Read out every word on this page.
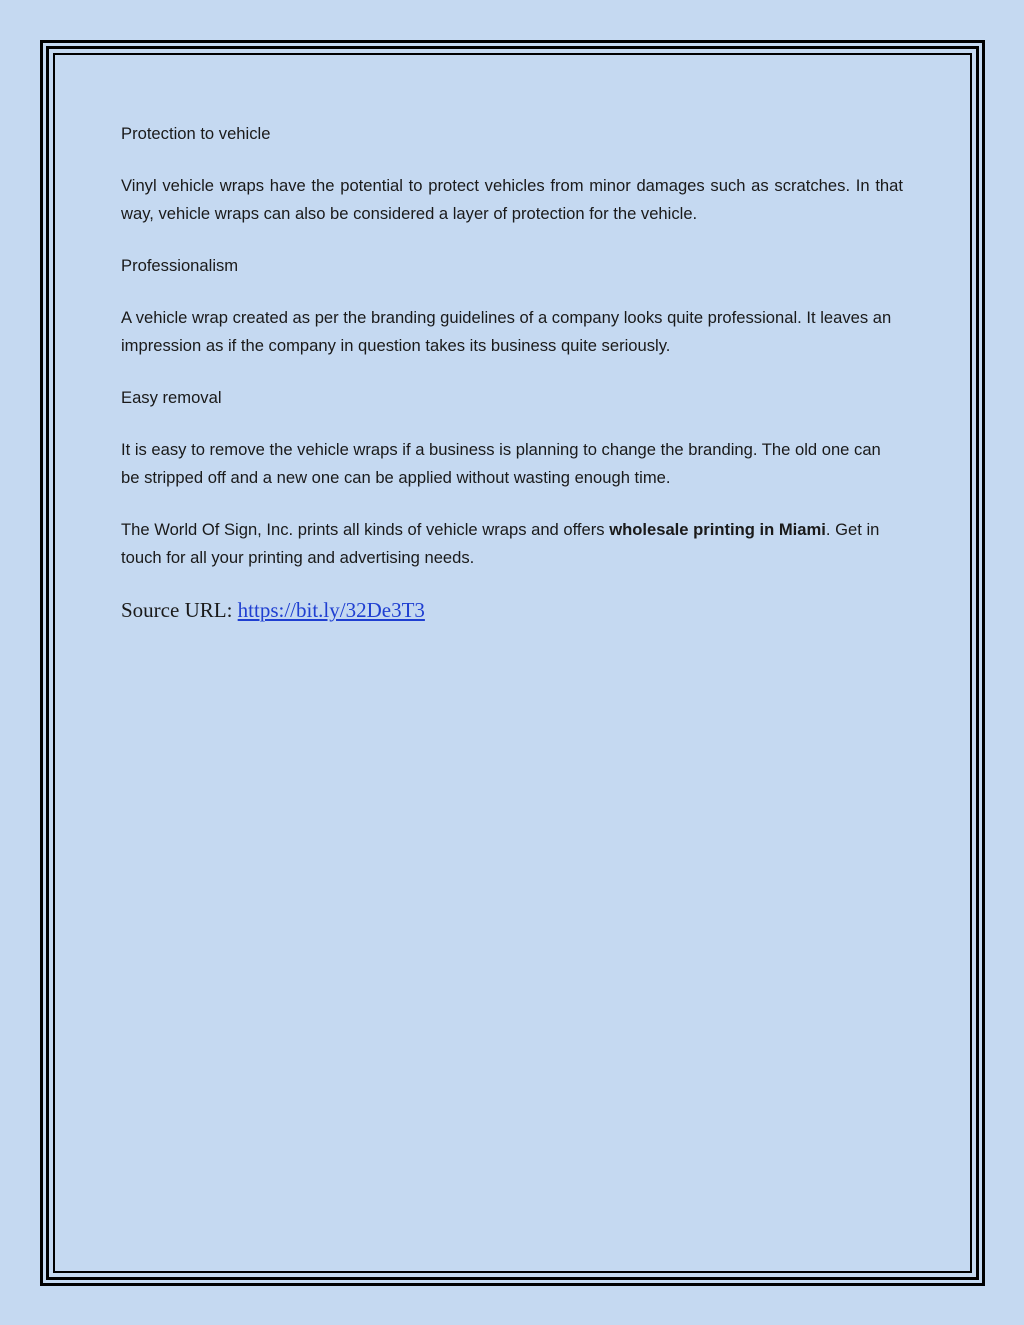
Protection to vehicle

Vinyl vehicle wraps have the potential to protect vehicles from minor damages such as scratches. In that way, vehicle wraps can also be considered a layer of protection for the vehicle.

Professionalism

A vehicle wrap created as per the branding guidelines of a company looks quite professional. It leaves an impression as if the company in question takes its business quite seriously.

Easy removal

It is easy to remove the vehicle wraps if a business is planning to change the branding. The old one can be stripped off and a new one can be applied without wasting enough time.

The World Of Sign, Inc. prints all kinds of vehicle wraps and offers wholesale printing in Miami. Get in touch for all your printing and advertising needs.

Source URL: https://bit.ly/32De3T3
